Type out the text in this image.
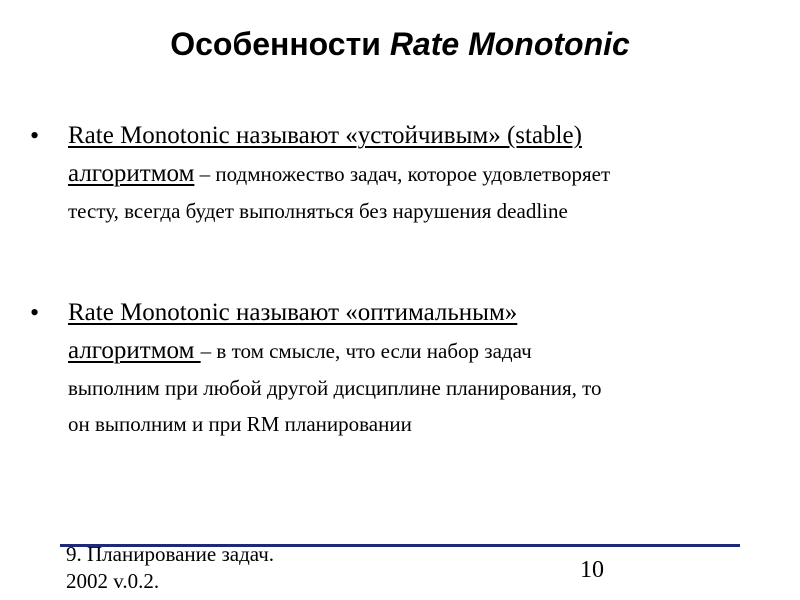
Особенности Rate Monotonic
• Rate Monotonic называют «устойчивым» (stable)

алгоритмом – подмножество задач, которое удовлетворяет

тесту, всегда будет выполняться без нарушения deadline

• Rate Monotonic называют «оптимальным»

алгоритмом – в том смысле, что если набор задач

выполним при любой другой дисциплине планирования, то

он выполним и при RM планировании

9. Планирование задач.
2002 v.0.2.	10
